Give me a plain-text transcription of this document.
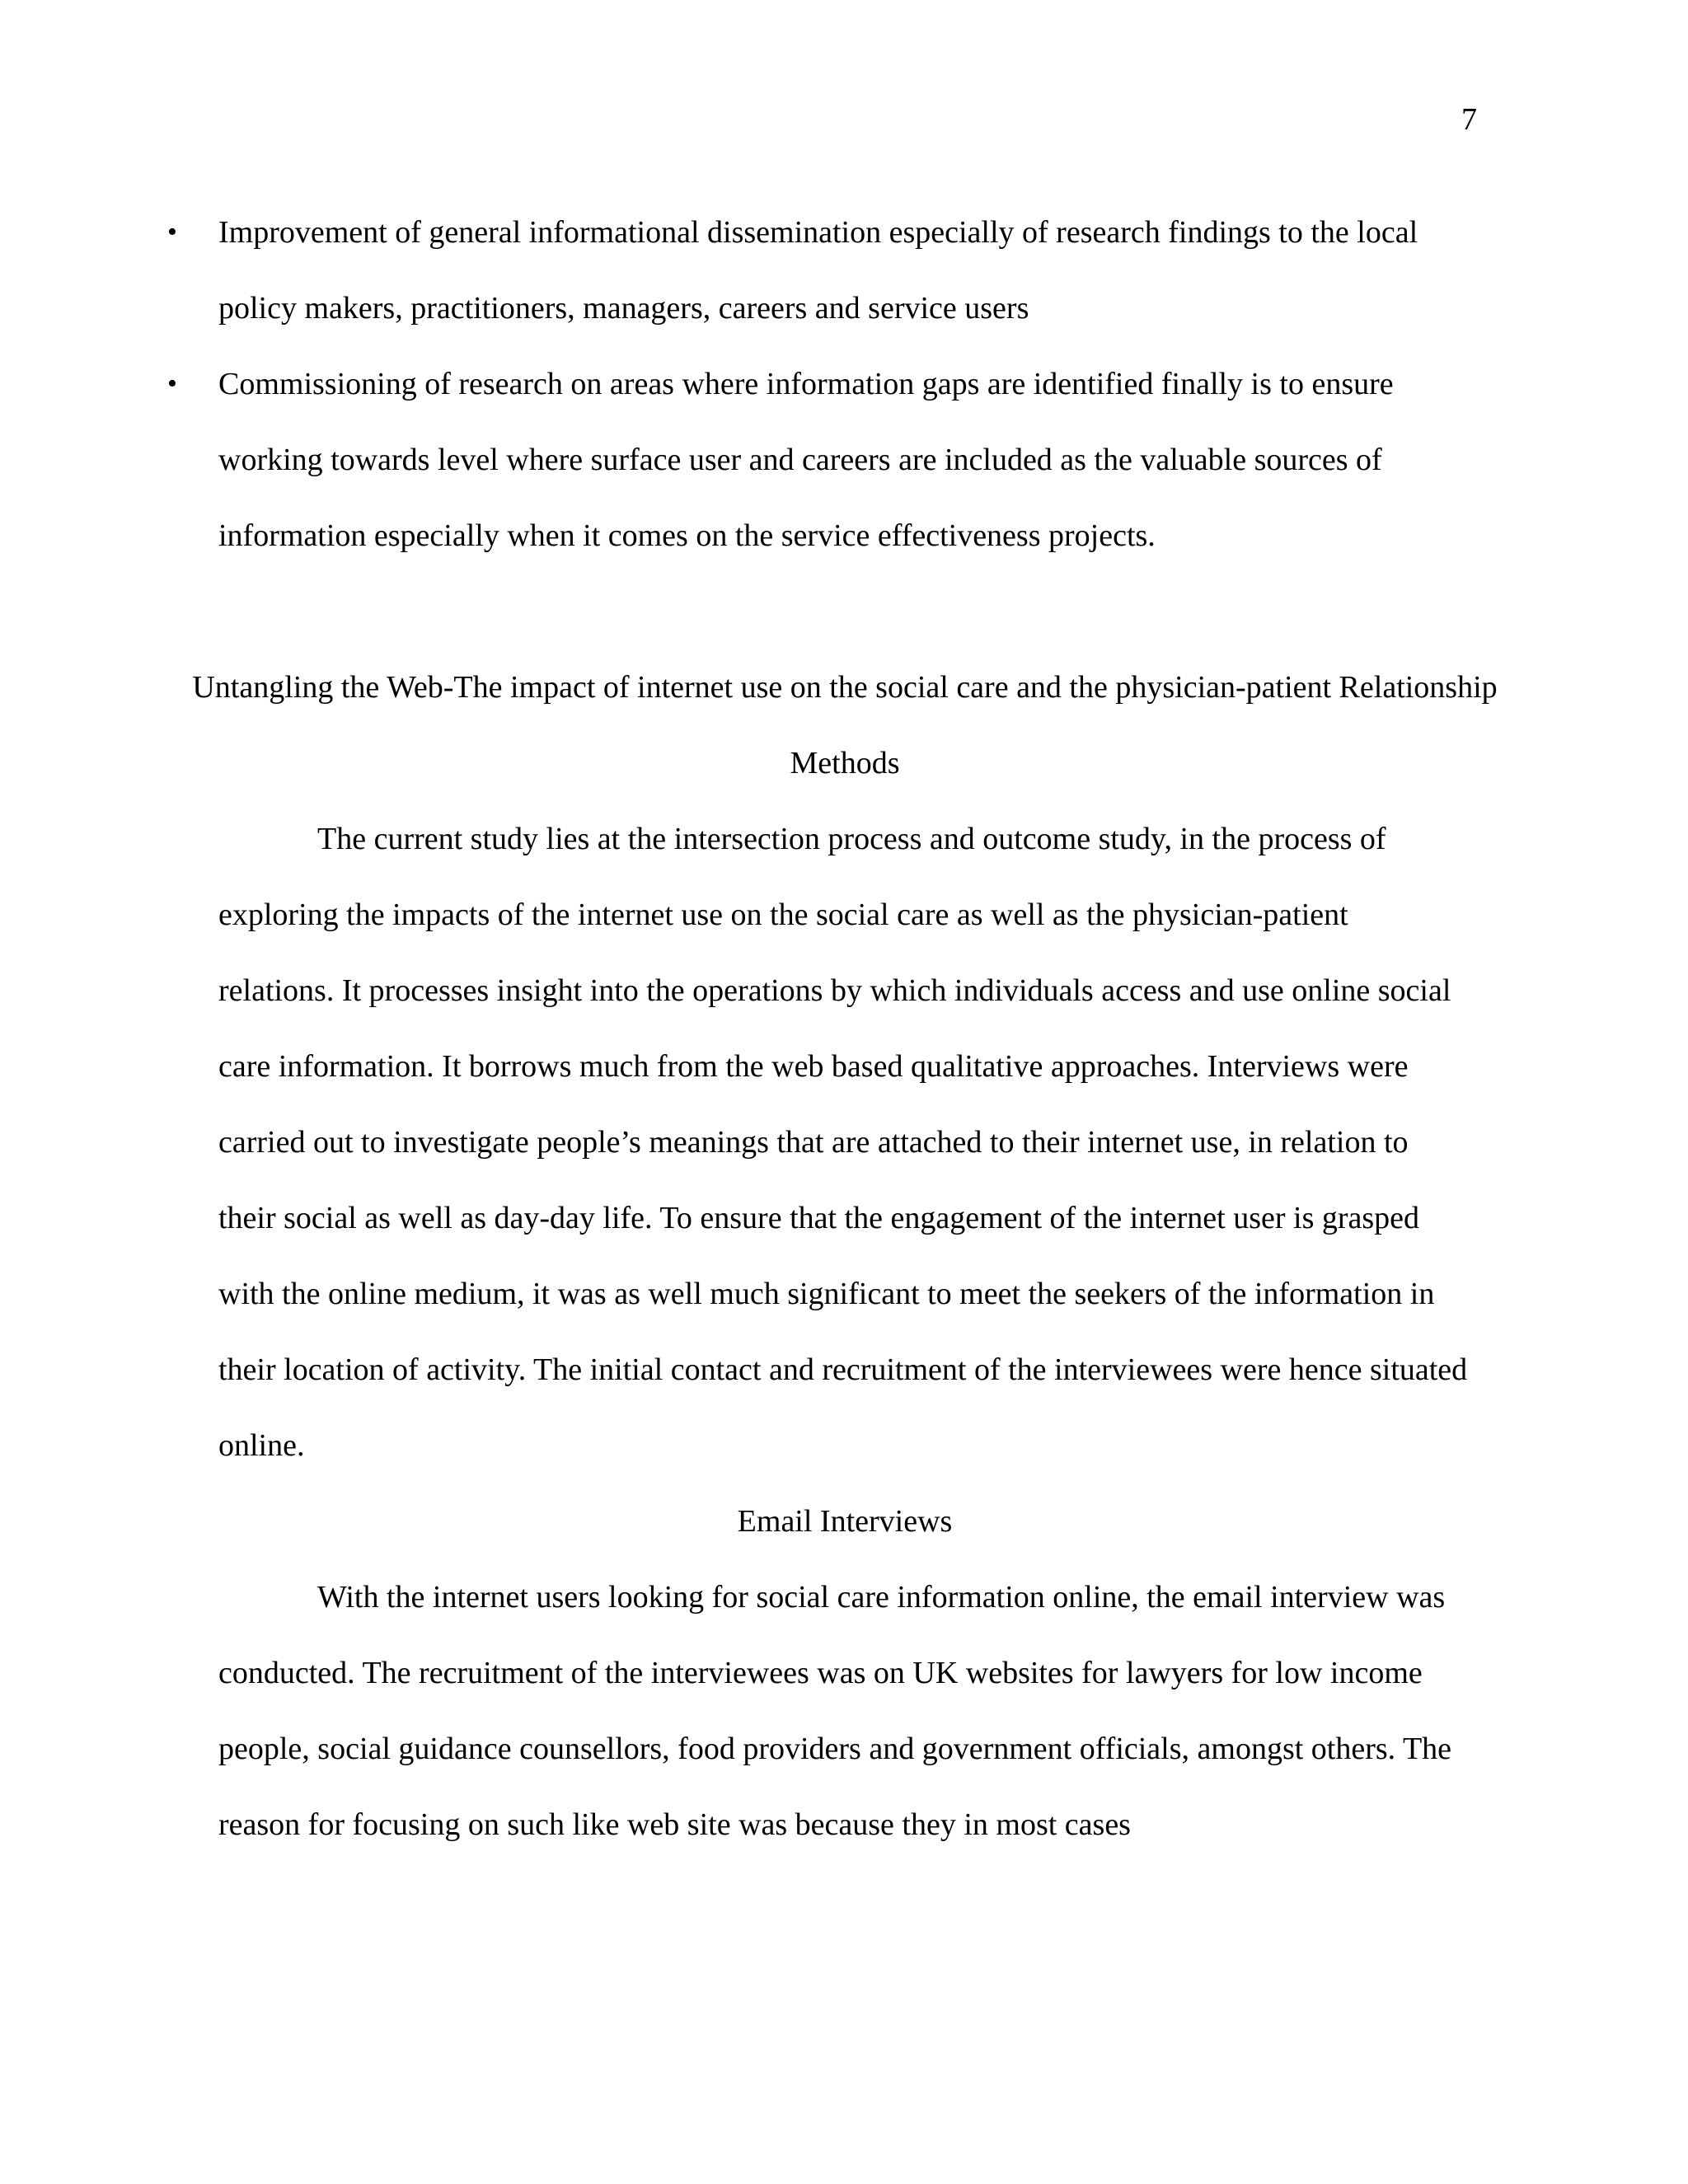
7
• Improvement of general informational dissemination especially of research findings to the local policy makers, practitioners, managers, careers and service users
• Commissioning of research on areas where information gaps are identified finally is to ensure working towards level where surface user and careers are included as the valuable sources of information especially when it comes on the service effectiveness projects.
Untangling the Web-The impact of internet use on the social care and the physician-patient Relationship
Methods

The current study lies at the intersection process and outcome study, in the process of exploring the impacts of the internet use on the social care as well as the physician-patient relations. It processes insight into the operations by which individuals access and use online social care information. It borrows much from the web based qualitative approaches. Interviews were carried out to investigate people’s meanings that are attached to their internet use, in relation to their social as well as day-day life. To ensure that the engagement of the internet user is grasped with the online medium, it was as well much significant to meet the seekers of the information in their location of activity. The initial contact and recruitment of the interviewees were hence situated online.

Email Interviews

With the internet users looking for social care information online, the email interview was conducted. The recruitment of the interviewees was on UK websites for lawyers for low income people, social guidance counsellors, food providers and government officials, amongst others. The reason for focusing on such like web site was because they in most cases
